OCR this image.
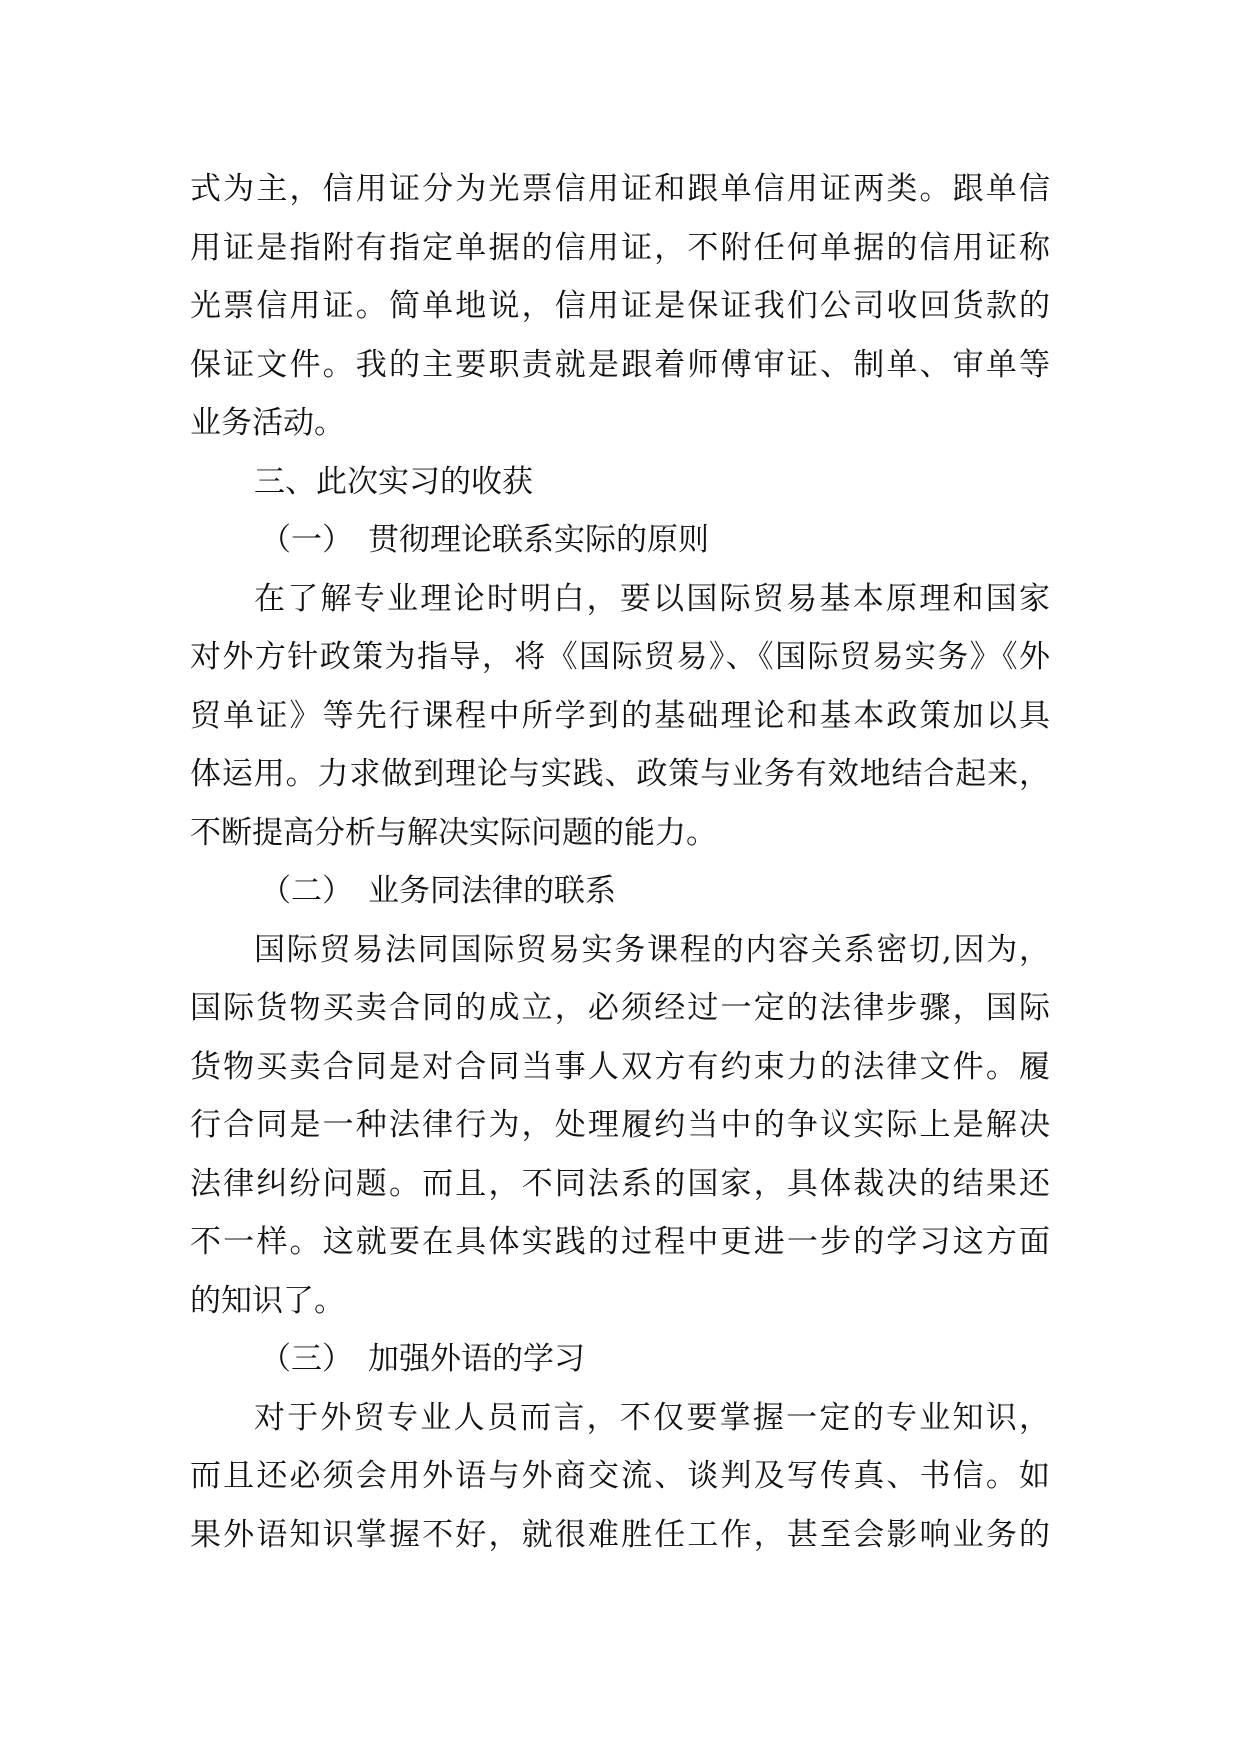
式为主，信用证分为光票信用证和跟单信用证两类。跟单信
用证是指附有指定单据的信用证，不附任何单据的信用证称
光票信用证。简单地说，信用证是保证我们公司收回货款的
保证文件。我的主要职责就是跟着师傅审证、制单、审单等
业务活动。
三、此次实习的收获
（一） 贯彻理论联系实际的原则
在了解专业理论时明白，要以国际贸易基本原理和国家
对外方针政策为指导，将《国际贸易》、《国际贸易实务》《外
贸单证》等先行课程中所学到的基础理论和基本政策加以具
体运用。力求做到理论与实践、政策与业务有效地结合起来，
不断提高分析与解决实际问题的能力。
（二） 业务同法律的联系
国际贸易法同国际贸易实务课程的内容关系密切,因为，
国际货物买卖合同的成立，必须经过一定的法律步骤，国际
货物买卖合同是对合同当事人双方有约束力的法律文件。履
行合同是一种法律行为，处理履约当中的争议实际上是解决
法律纠纷问题。而且，不同法系的国家，具体裁决的结果还
不一样。这就要在具体实践的过程中更进一步的学习这方面
的知识了。
（三） 加强外语的学习
对于外贸专业人员而言，不仅要掌握一定的专业知识，
而且还必须会用外语与外商交流、谈判及写传真、书信。如
果外语知识掌握不好，就很难胜任工作，甚至会影响业务的
